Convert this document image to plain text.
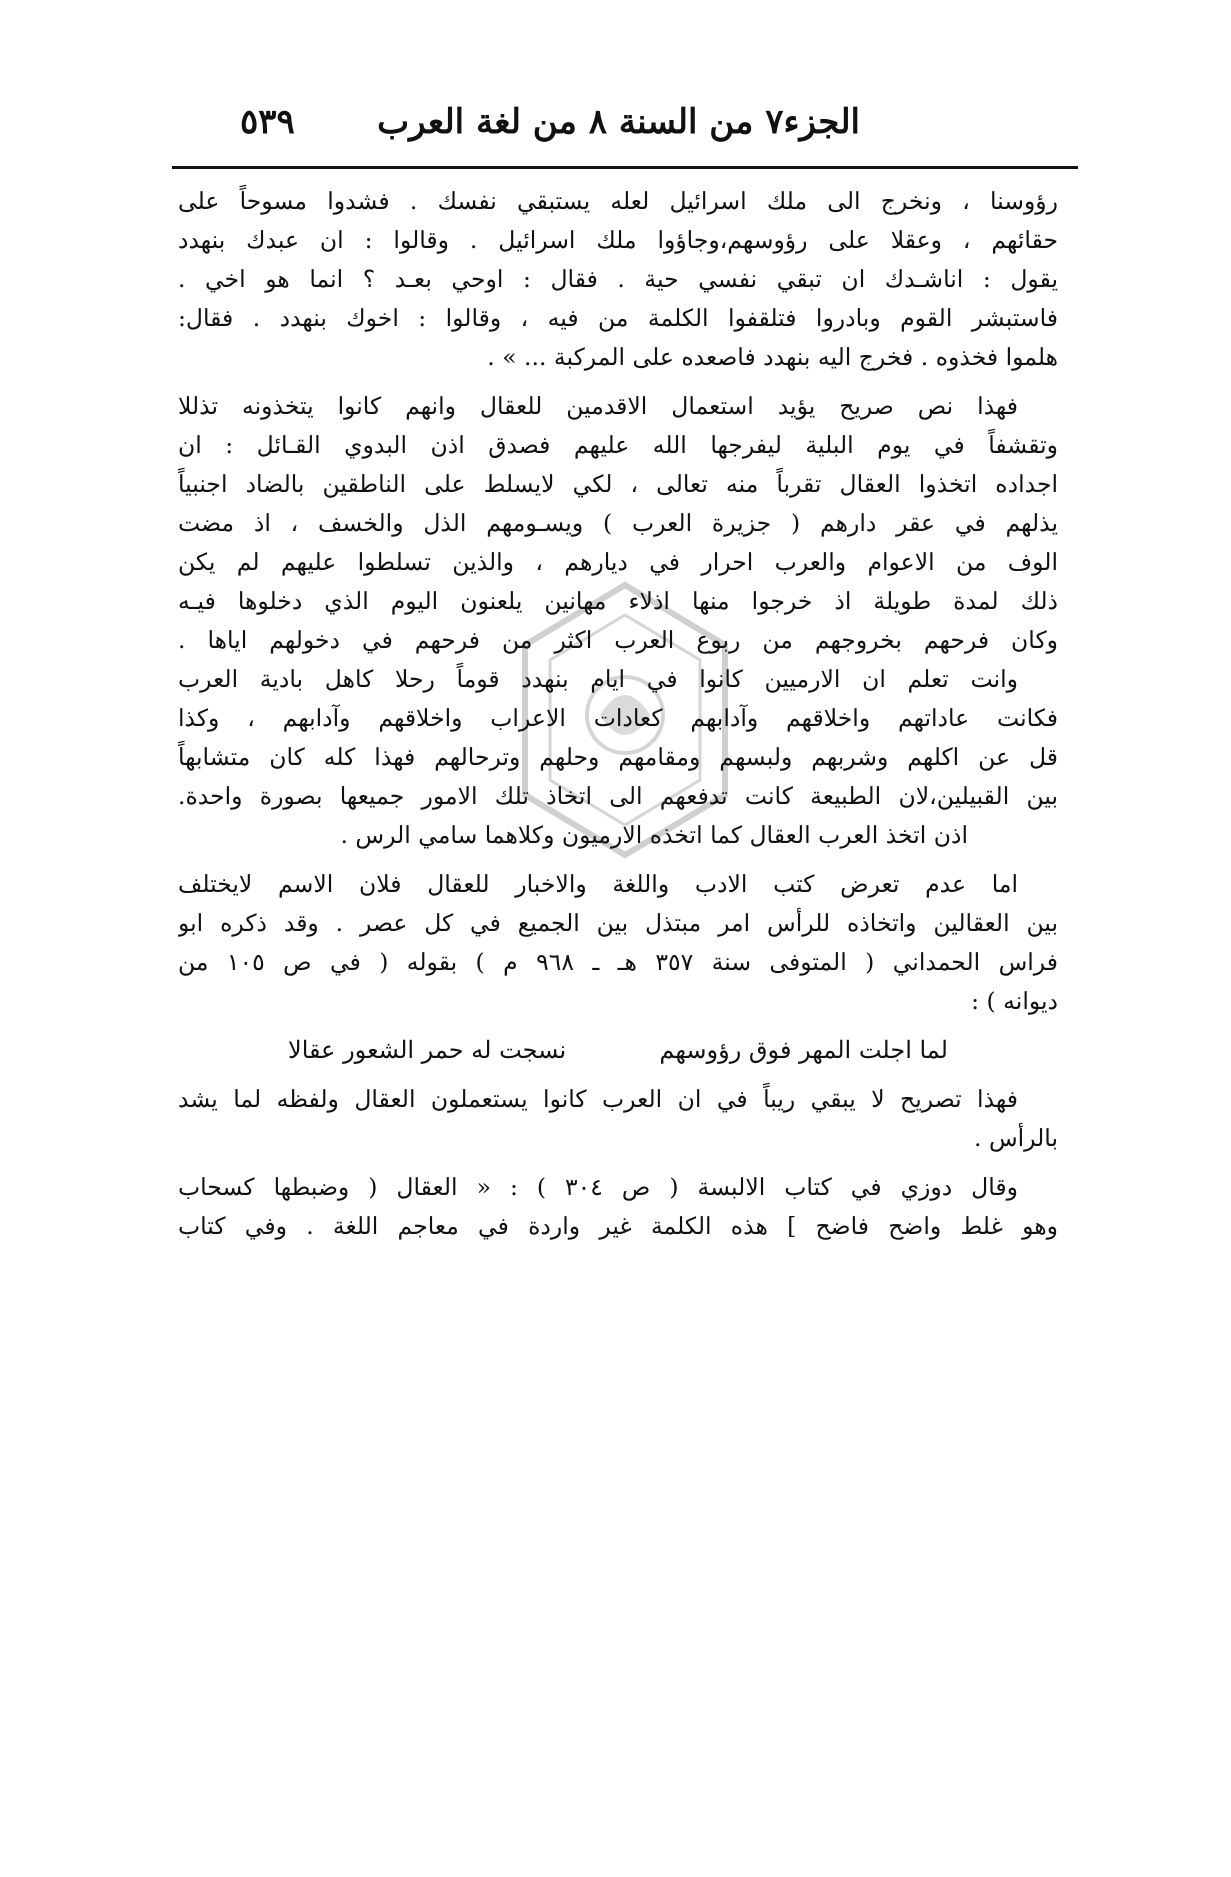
الجزء٧ من السنة ٨ من لغة العرب
٥٣٩

رؤوسنا ، ونخرج الى ملك اسرائيل لعله يستبقي نفسك . فشدوا مسوحاً على
حقائهم ، وعقلا على رؤوسهم،وجاؤوا ملك اسرائيل . وقالوا : ان عبدك بنهدد
يقول : اناشـدك ان تبقي نفسي حية . فقال : اوحي بعـد ؟ انما هو اخي .
فاستبشر القوم وبادروا فتلقفوا الكلمة من فيه ، وقالوا : اخوك بنهدد . فقال:
هلموا فخذوه . فخرج اليه بنهدد فاصعده على المركبة ... » .

فهذا نص صريح يؤيد استعمال الاقدمين للعقال وانهم كانوا يتخذونه تذللا
وتقشفاً في يوم البلية ليفرجها الله عليهم فصدق اذن البدوي القـائل : ان
اجداده اتخذوا العقال تقرباً منه تعالى ، لكي لايسلط على الناطقين بالضاد اجنبياً
يذلهم في عقر دارهم ( جزيرة العرب ) ويسـومهم الذل والخسف ، اذ مضت
الوف من الاعوام والعرب احرار في ديارهم ، والذين تسلطوا عليهم لم يكن
ذلك لمدة طويلة اذ خرجوا منها اذلاء مهانين يلعنون اليوم الذي دخلوها فيـه
وكان فرحهم بخروجهم من ربوع العرب اكثر من فرحهم في دخولهم اياها .

وانت تعلم ان الارميين كانوا في ايام بنهدد قوماً رحلا كاهل بادية العرب
فكانت عاداتهم واخلاقهم وآدابهم كعادات الاعراب واخلاقهم وآدابهم ، وكذا
قل عن اكلهم وشربهم ولبسهم ومقامهم وحلهم وترحالهم فهذا كله كان متشابهاً
بين القبيلين،لان الطبيعة كانت تدفعهم الى اتخاذ تلك الامور جميعها بصورة واحدة.

اذن اتخذ العرب العقال كما اتخذه الارميون وكلاهما سامي الرس .

اما عدم تعرض كتب الادب واللغة والاخبار للعقال فلان الاسم لايختلف
بين العقالين واتخاذه للرأس امر مبتذل بين الجميع في كل عصر . وقد ذكره ابو
فراس الحمداني ( المتوفى سنة ٣٥٧ هـ ـ ٩٦٨ م ) بقوله ( في ص ١٠٥ من
ديوانه ) :

لما اجلت المهر فوق رؤوسهم
نسجت له حمر الشعور عقالا

فهذا تصريح لا يبقي ريباً في ان العرب كانوا يستعملون العقال ولفظه لما يشد
بالرأس .

وقال دوزي في كتاب الالبسة ( ص ٣٠٤ ) : « العقال ( وضبطها كسحاب
وهو غلط واضح فاضح ] هذه الكلمة غير واردة في معاجم اللغة . وفي كتاب
